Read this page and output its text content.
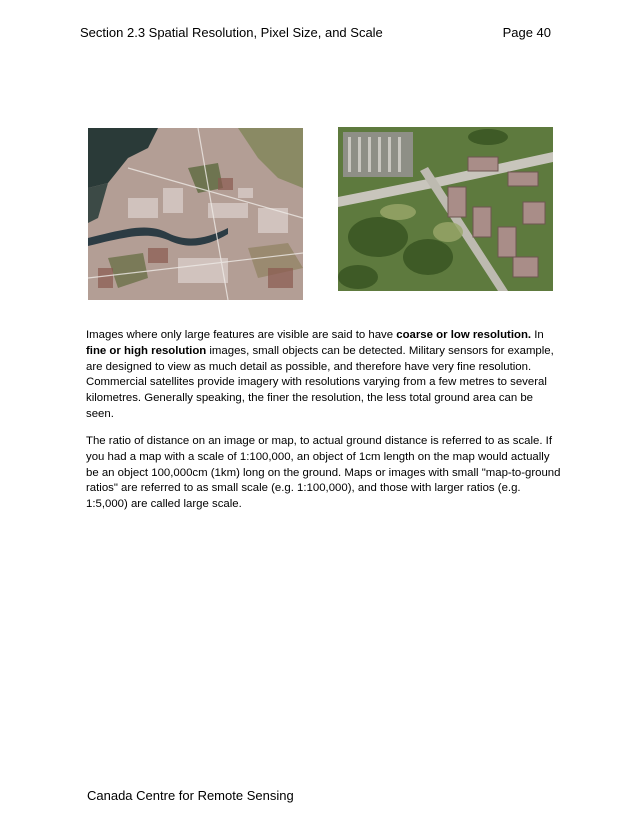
Section 2.3 Spatial Resolution, Pixel Size, and Scale	Page 40
Images where only large features are visible are said to have coarse or low resolution. In fine or high resolution images, small objects can be detected. Military sensors for example, are designed to view as much detail as possible, and therefore have very fine resolution. Commercial satellites provide imagery with resolutions varying from a few metres to several kilometres. Generally speaking, the finer the resolution, the less total ground area can be seen.
The ratio of distance on an image or map, to actual ground distance is referred to as scale. If you had a map with a scale of 1:100,000, an object of 1cm length on the map would actually be an object 100,000cm (1km) long on the ground. Maps or images with small "map-to-ground ratios" are referred to as small scale (e.g. 1:100,000), and those with larger ratios (e.g. 1:5,000) are called large scale.
Canada Centre for Remote Sensing
